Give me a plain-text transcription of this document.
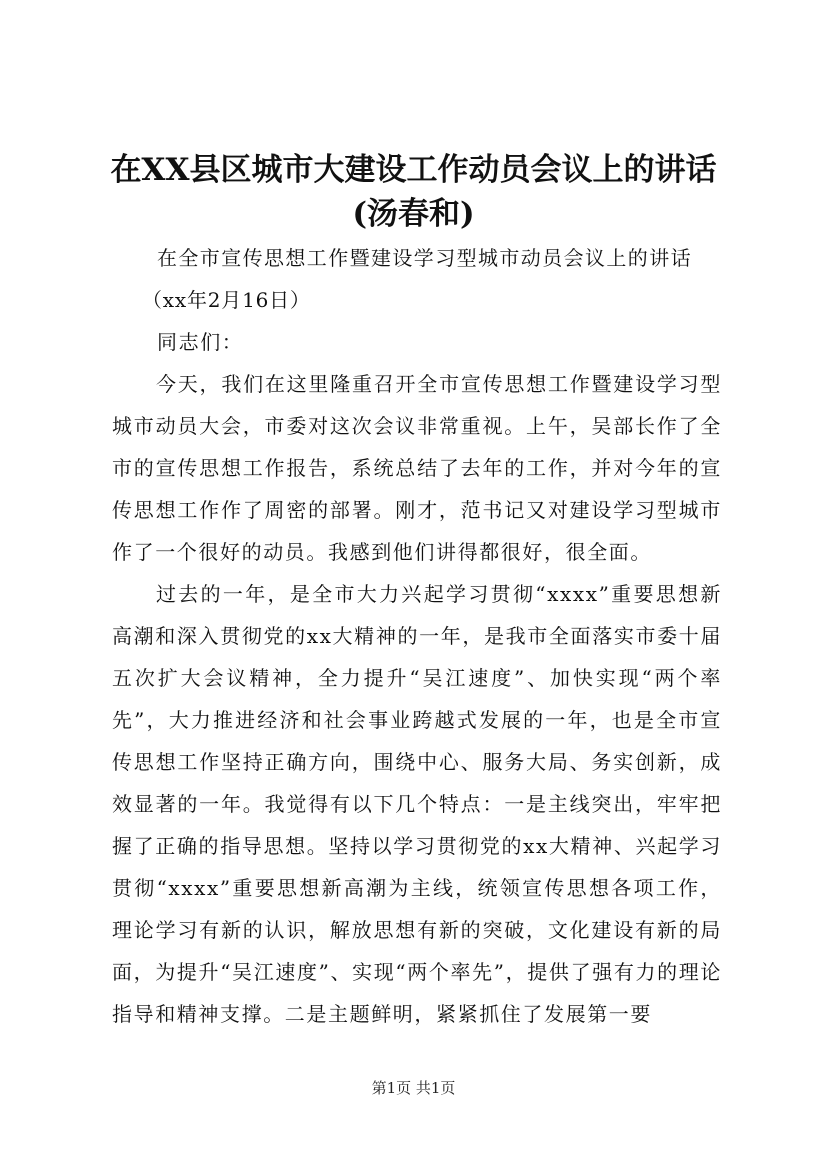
在XX县区城市大建设工作动员会议上的讲话
(汤春和)

在全市宣传思想工作暨建设学习型城市动员会议上的讲话

（xx年2月16日）

同志们：

今天，我们在这里隆重召开全市宣传思想工作暨建设学习型城市动员大会，市委对这次会议非常重视。上午，吴部长作了全市的宣传思想工作报告，系统总结了去年的工作，并对今年的宣传思想工作作了周密的部署。刚才，范书记又对建设学习型城市作了一个很好的动员。我感到他们讲得都很好，很全面。

过去的一年，是全市大力兴起学习贯彻“xxxx”重要思想新高潮和深入贯彻党的xx大精神的一年，是我市全面落实市委十届五次扩大会议精神，全力提升“吴江速度”、加快实现“两个率先”，大力推进经济和社会事业跨越式发展的一年，也是全市宣传思想工作坚持正确方向，围绕中心、服务大局、务实创新，成效显著的一年。我觉得有以下几个特点：一是主线突出，牢牢把握了正确的指导思想。坚持以学习贯彻党的xx大精神、兴起学习贯彻“xxxx”重要思想新高潮为主线，统领宣传思想各项工作，理论学习有新的认识，解放思想有新的突破，文化建设有新的局面，为提升“吴江速度”、实现“两个率先”，提供了强有力的理论指导和精神支撑。二是主题鲜明，紧紧抓住了发展第一要

第1页 共1页
